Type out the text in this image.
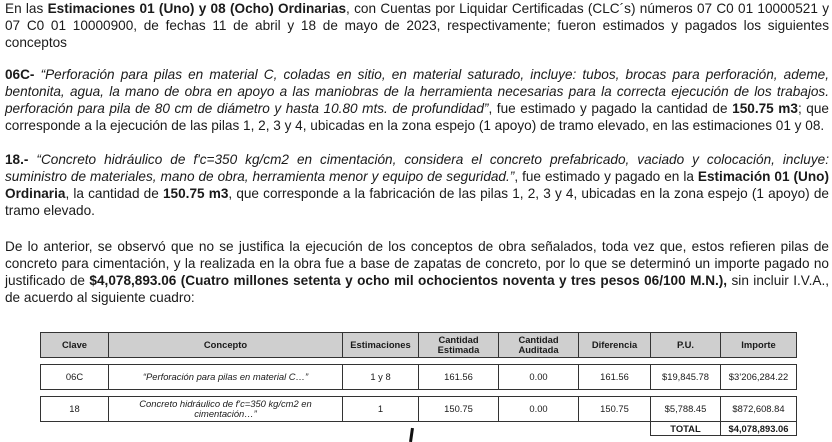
En las Estimaciones 01 (Uno) y 08 (Ocho) Ordinarias, con Cuentas por Liquidar Certificadas (CLC´s) números 07 C0 01 10000521 y 07 C0 01 10000900, de fechas 11 de abril y 18 de mayo de 2023, respectivamente; fueron estimados y pagados los siguientes conceptos

06C- “Perforación para pilas en material C, coladas en sitio, en material saturado, incluye: tubos, brocas para perforación, ademe, bentonita, agua, la mano de obra en apoyo a las maniobras de la herramienta necesarias para la correcta ejecución de los trabajos. perforación para pila de 80 cm de diámetro y hasta 10.80 mts. de profundidad”, fue estimado y pagado la cantidad de 150.75 m3; que corresponde a la ejecución de las pilas 1, 2, 3 y 4, ubicadas en la zona espejo (1 apoyo) de tramo elevado, en las estimaciones 01 y 08.

18.- “Concreto hidráulico de f'c=350 kg/cm2 en cimentación, considera el concreto prefabricado, vaciado y colocación, incluye: suministro de materiales, mano de obra, herramienta menor y equipo de seguridad.”, fue estimado y pagado en la Estimación 01 (Uno) Ordinaria, la cantidad de 150.75 m3, que corresponde a la fabricación de las pilas 1, 2, 3 y 4, ubicadas en la zona espejo (1 apoyo) de tramo elevado.

De lo anterior, se observó que no se justifica la ejecución de los conceptos de obra señalados, toda vez que, estos refieren pilas de concreto para cimentación, y la realizada en la obra fue a base de zapatas de concreto, por lo que se determinó un importe pagado no justificado de $4,078,893.06 (Cuatro millones setenta y ocho mil ochocientos noventa y tres pesos 06/100 M.N.), sin incluir I.V.A., de acuerdo al siguiente cuadro:

Clave	Concepto	Estimaciones	Cantidad Estimada	Cantidad Auditada	Diferencia	P.U.	Importe

06C	“Perforación para pilas en material C…”	1 y 8	161.56	0.00	161.56	$19,845.78	$3’206,284.22

18	Concreto hidráulico de f'c=350 kg/cm2 en cimentación…”	1	150.75	0.00	150.75	$5,788.45	$872,608.84
						TOTAL	$4,078,893.06
